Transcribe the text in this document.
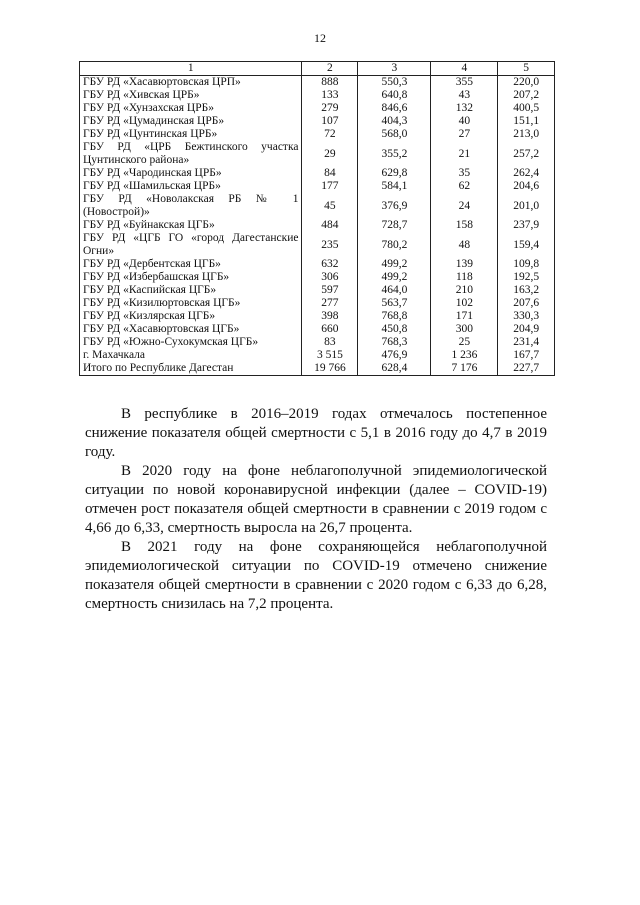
12
1	2	3	4	5
ГБУ РД «Хасавюртовская ЦРП»	888	550,3	355	220,0
ГБУ РД «Хивская ЦРБ»	133	640,8	43	207,2
ГБУ РД «Хунзахская ЦРБ»	279	846,6	132	400,5
ГБУ РД «Цумадинская ЦРБ»	107	404,3	40	151,1
ГБУ РД «Цунтинская ЦРБ»	72	568,0	27	213,0
ГБУ РД «ЦРБ Бежтинского участка Цунтинского района»	29	355,2	21	257,2
ГБУ РД «Чародинская ЦРБ»	84	629,8	35	262,4
ГБУ РД «Шамильская ЦРБ»	177	584,1	62	204,6
ГБУ РД «Новолакская РБ № 1 (Новострой)»	45	376,9	24	201,0
ГБУ РД «Буйнакская ЦГБ»	484	728,7	158	237,9
ГБУ РД «ЦГБ ГО «город Дагестанские Огни»	235	780,2	48	159,4
ГБУ РД «Дербентская ЦГБ»	632	499,2	139	109,8
ГБУ РД «Избербашская ЦГБ»	306	499,2	118	192,5
ГБУ РД «Каспийская ЦГБ»	597	464,0	210	163,2
ГБУ РД «Кизилюртовская ЦГБ»	277	563,7	102	207,6
ГБУ РД «Кизлярская ЦГБ»	398	768,8	171	330,3
ГБУ РД «Хасавюртовская ЦГБ»	660	450,8	300	204,9
ГБУ РД «Южно-Сухокумская ЦГБ»	83	768,3	25	231,4
г. Махачкала	3 515	476,9	1 236	167,7
Итого по Республике Дагестан	19 766	628,4	7 176	227,7

В республике в 2016–2019 годах отмечалось постепенное снижение показателя общей смертности с 5,1 в 2016 году до 4,7 в 2019 году.

В 2020 году на фоне неблагополучной эпидемиологической ситуации по новой коронавирусной инфекции (далее – COVID-19) отмечен рост показателя общей смертности в сравнении с 2019 годом с 4,66 до 6,33, смертность выросла на 26,7 процента.

В 2021 году на фоне сохраняющейся неблагополучной эпидемиологической ситуации по COVID-19 отмечено снижение показателя общей смертности в сравнении с 2020 годом с 6,33 до 6,28, смертность снизилась на 7,2 процента.
